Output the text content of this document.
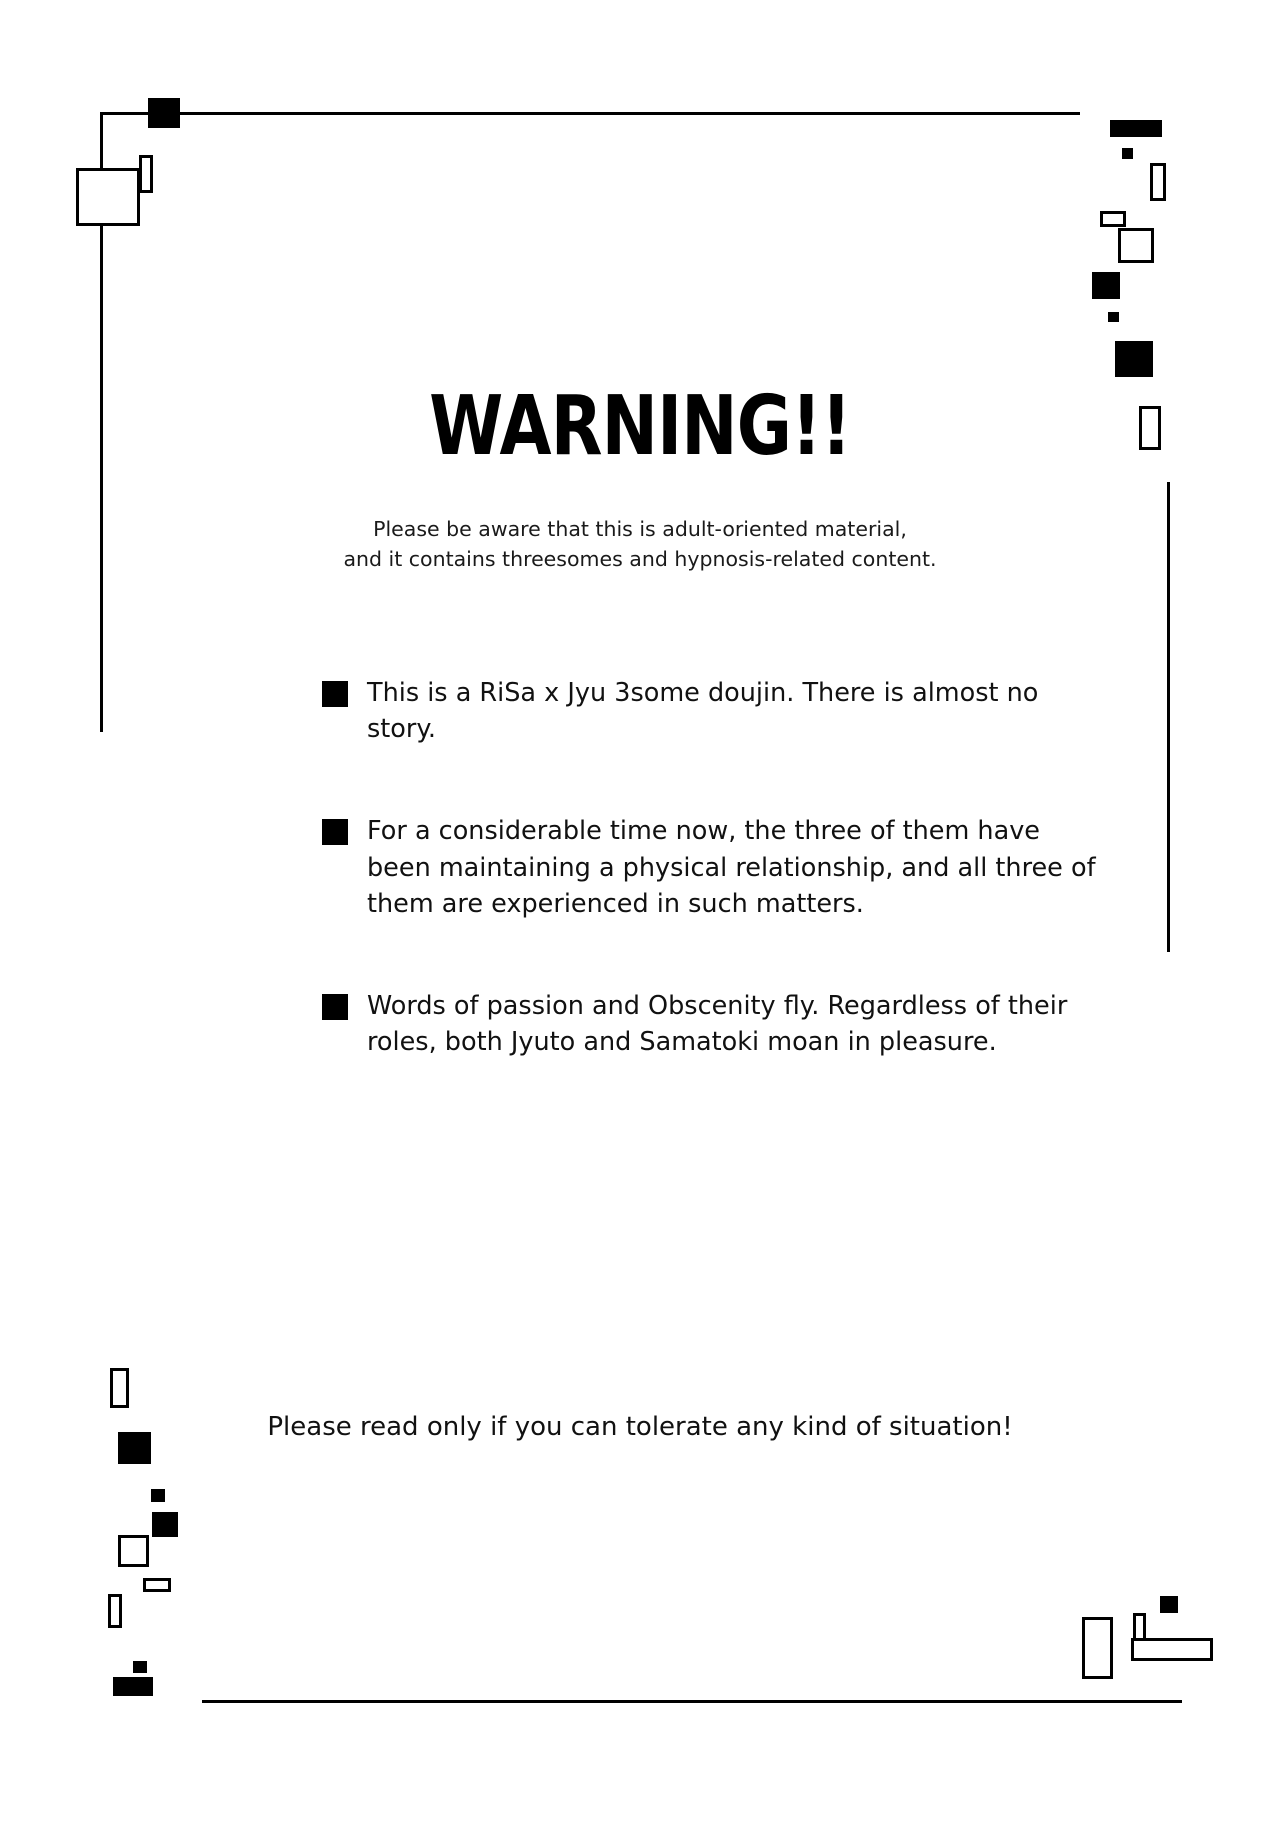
WARNING!!
Please be aware that this is adult-oriented material,
and it contains threesomes and hypnosis-related content.
This is a RiSa x Jyu 3some doujin. There is almost no story.
For a considerable time now, the three of them have been maintaining a physical relationship, and all three of them are experienced in such matters.
Words of passion and Obscenity fly. Regardless of their roles, both Jyuto and Samatoki moan in pleasure.
Please read only if you can tolerate any kind of situation!
